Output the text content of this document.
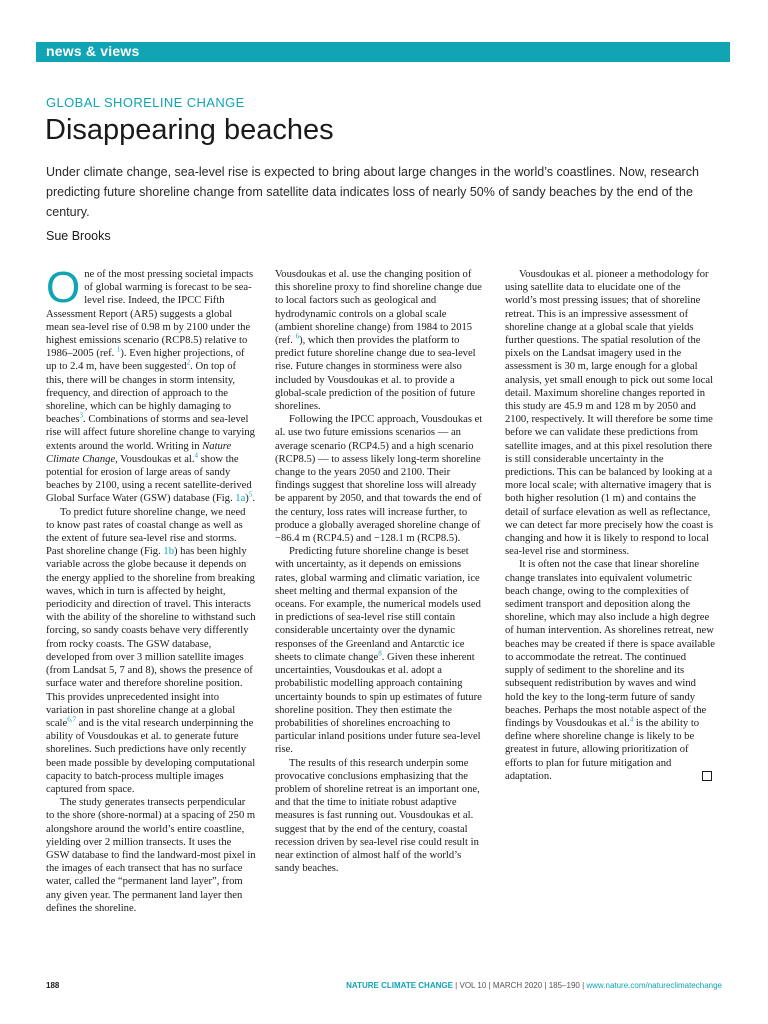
news & views
GLOBAL SHORELINE CHANGE
Disappearing beaches

Under climate change, sea-level rise is expected to bring about large changes in the world’s coastlines. Now, research predicting future shoreline change from satellite data indicates loss of nearly 50% of sandy beaches by the end of the century.

Sue Brooks

One of the most pressing societal impacts of global warming is forecast to be sea-level rise. Indeed, the IPCC Fifth Assessment Report (AR5) suggests a global mean sea-level rise of 0.98 m by 2100 under the highest emissions scenario (RCP8.5) relative to 1986–2005 (ref. $^1$). Even higher projections, of up to 2.4 m, have been suggested$^2$. On top of this, there will be changes in storm intensity, frequency, and direction of approach to the shoreline, which can be highly damaging to beaches$^3$. Combinations of storms and sea-level rise will affect future shoreline change to varying extents around the world. Writing in Nature Climate Change, Vousdoukas et al.$^4$ show the potential for erosion of large areas of sandy beaches by 2100, using a recent satellite-derived Global Surface Water (GSW) database (Fig. 1a)$^5$.

To predict future shoreline change, we need to know past rates of coastal change as well as the extent of future sea-level rise and storms. Past shoreline change (Fig. 1b) has been highly variable across the globe because it depends on the energy applied to the shoreline from breaking waves, which in turn is affected by height, periodicity and direction of travel. This interacts with the ability of the shoreline to withstand such forcing, so sandy coasts behave very differently from rocky coasts. The GSW database, developed from over 3 million satellite images (from Landsat 5, 7 and 8), shows the presence of surface water and therefore shoreline position. This provides unprecedented insight into variation in past shoreline change at a global scale$^{6,7}$ and is the vital research underpinning the ability of Vousdoukas et al. to generate future shorelines. Such predictions have only recently been made possible by developing computational capacity to batch-process multiple images captured from space.

The study generates transects perpendicular to the shore (shore-normal) at a spacing of 250 m alongshore around the world’s entire coastline, yielding over 2 million transects. It uses the GSW database to find the landward-most pixel in the images of each transect that has no surface water, called the “permanent land layer”, from any given year. The permanent land layer then defines the shoreline.

Vousdoukas et al. use the changing position of this shoreline proxy to find shoreline change due to local factors such as geological and hydrodynamic controls on a global scale (ambient shoreline change) from 1984 to 2015 (ref. $^6$), which then provides the platform to predict future shoreline change due to sea-level rise. Future changes in storminess were also included by Vousdoukas et al. to provide a global-scale prediction of the position of future shorelines.

Following the IPCC approach, Vousdoukas et al. use two future emissions scenarios — an average scenario (RCP4.5) and a high scenario (RCP8.5) — to assess likely long-term shoreline change to the years 2050 and 2100. Their findings suggest that shoreline loss will already be apparent by 2050, and that towards the end of the century, loss rates will increase further, to produce a globally averaged shoreline change of −86.4 m (RCP4.5) and −128.1 m (RCP8.5).

Predicting future shoreline change is beset with uncertainty, as it depends on emissions rates, global warming and climatic variation, ice sheet melting and thermal expansion of the oceans. For example, the numerical models used in predictions of sea-level rise still contain considerable uncertainty over the dynamic responses of the Greenland and Antarctic ice sheets to climate change$^8$. Given these inherent uncertainties, Vousdoukas et al. adopt a probabilistic modelling approach containing uncertainty bounds to spin up estimates of future shoreline position. They then estimate the probabilities of shorelines encroaching to particular inland positions under future sea-level rise.

The results of this research underpin some provocative conclusions emphasizing that the problem of shoreline retreat is an important one, and that the time to initiate robust adaptive measures is fast running out. Vousdoukas et al. suggest that by the end of the century, coastal recession driven by sea-level rise could result in near extinction of almost half of the world’s sandy beaches.

Vousdoukas et al. pioneer a methodology for using satellite data to elucidate one of the world’s most pressing issues; that of shoreline retreat. This is an impressive assessment of shoreline change at a global scale that yields further questions. The spatial resolution of the pixels on the Landsat imagery used in the assessment is 30 m, large enough for a global analysis, yet small enough to pick out some local detail. Maximum shoreline changes reported in this study are 45.9 m and 128 m by 2050 and 2100, respectively. It will therefore be some time before we can validate these predictions from satellite images, and at this pixel resolution there is still considerable uncertainty in the predictions. This can be balanced by looking at a more local scale; with alternative imagery that is both higher resolution (1 m) and contains the detail of surface elevation as well as reflectance, we can detect far more precisely how the coast is changing and how it is likely to respond to local sea-level rise and storminess.

It is often not the case that linear shoreline change translates into equivalent volumetric beach change, owing to the complexities of sediment transport and deposition along the shoreline, which may also include a high degree of human intervention. As shorelines retreat, new beaches may be created if there is space available to accommodate the retreat. The continued supply of sediment to the shoreline and its subsequent redistribution by waves and wind hold the key to the long-term future of sandy beaches. Perhaps the most notable aspect of the findings by Vousdoukas et al.$^4$ is the ability to define where shoreline change is likely to be greatest in future, allowing prioritization of efforts to plan for future mitigation and adaptation.

188	NATURE CLIMATE CHANGE | VOL 10 | MARCH 2020 | 185–190 | www.nature.com/natureclimatechange
